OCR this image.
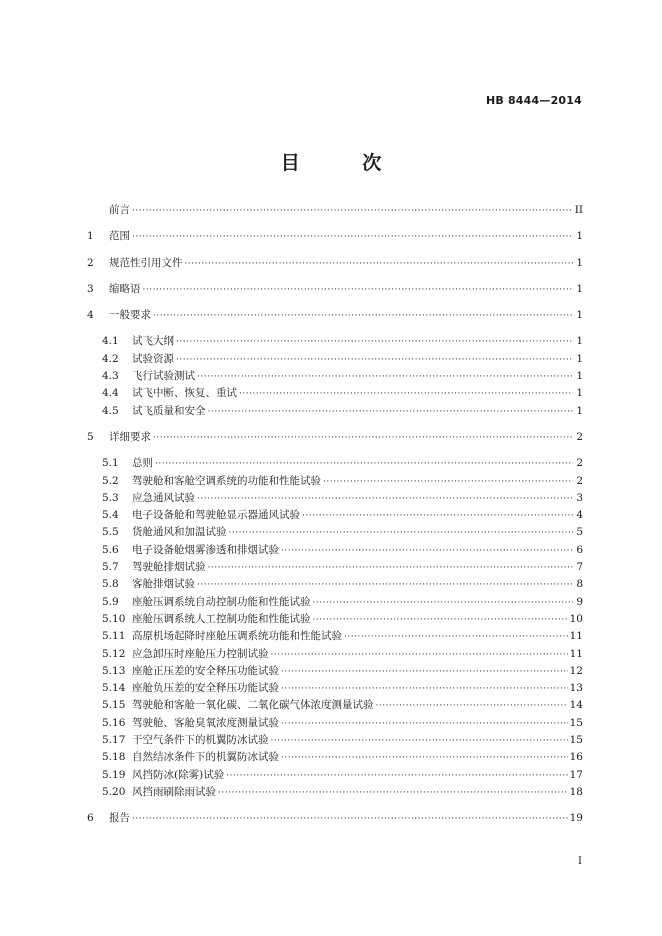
HB 8444—2014
目 次
前言 ·····	II
1	范围 ·····	1
2	规范性引用文件 ·····	1
3	缩略语 ·····	1
4	一般要求 ·····	1
4.1	试飞大纲 ·····	1
4.2	试验资源 ·····	1
4.3	飞行试验测试 ·····	1
4.4	试飞中断、恢复、重试 ·····	1
4.5	试飞质量和安全 ·····	1
5	详细要求 ·····	2
5.1	总则 ·····	2
5.2	驾驶舱和客舱空调系统的功能和性能试验 ·····	2
5.3	应急通风试验 ·····	3
5.4	电子设备舱和驾驶舱显示器通风试验 ·····	4
5.5	货舱通风和加温试验 ·····	5
5.6	电子设备舱烟雾渗透和排烟试验 ·····	6
5.7	驾驶舱排烟试验 ·····	7
5.8	客舱排烟试验 ·····	8
5.9	座舱压调系统自动控制功能和性能试验 ·····	9
5.10 座舱压调系统人工控制功能和性能试验 ·····	10
5.11 高原机场起降时座舱压调系统功能和性能试验 ·····	11
5.12 应急卸压时座舱压力控制试验 ·····	11
5.13 座舱正压差的安全释压功能试验 ·····	12
5.14 座舱负压差的安全释压功能试验 ·····	13
5.15 驾驶舱和客舱一氧化碳、二氧化碳气体浓度测量试验 ·····	14
5.16 驾驶舱、客舱臭氧浓度测量试验 ·····	15
5.17 干空气条件下的机翼防冰试验 ·····	15
5.18 自然结冰条件下的机翼防冰试验 ·····	16
5.19 风挡防冰(除雾)试验 ·····	17
5.20 风挡雨刷除雨试验 ·····	18
6	报告 ·····	19
I
